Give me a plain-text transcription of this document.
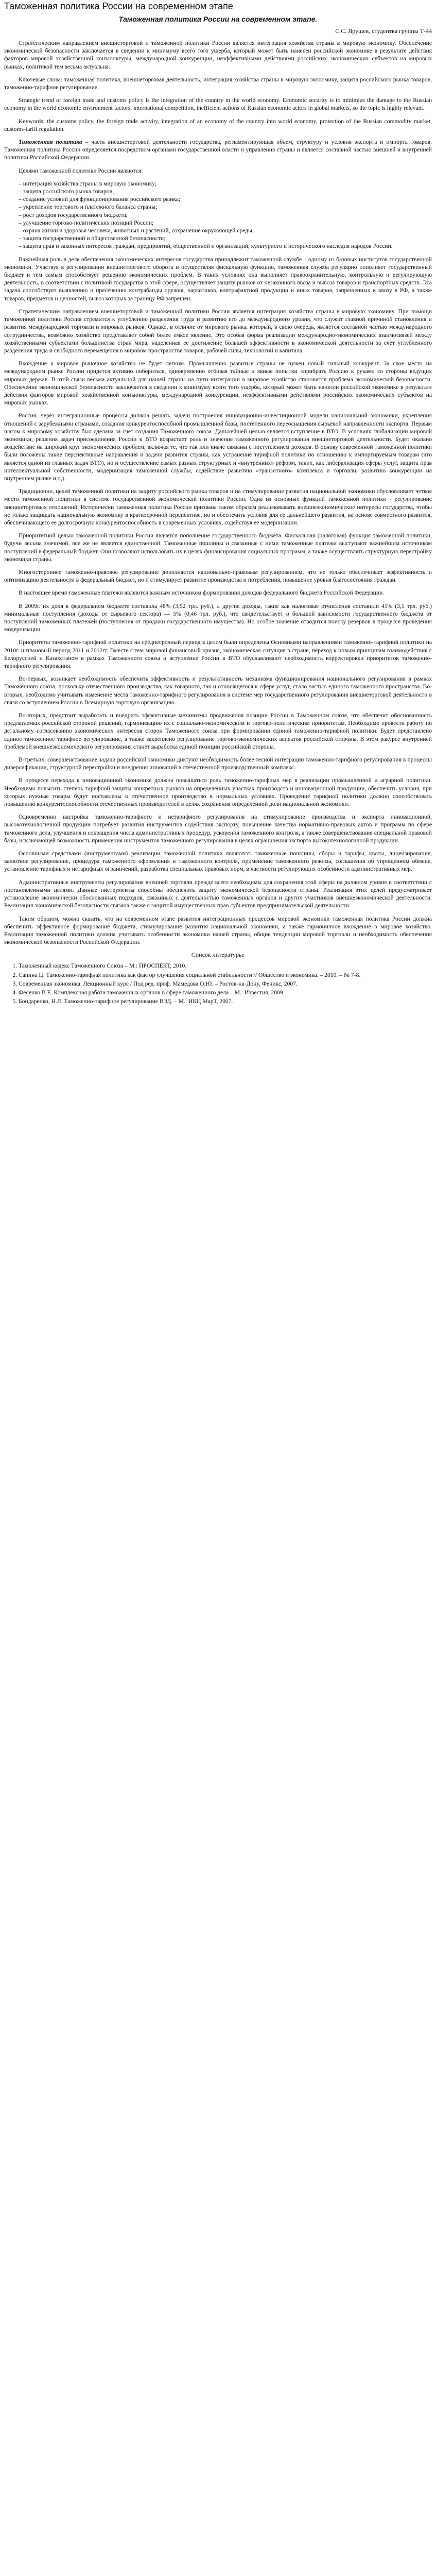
Таможенная политика России на современном этапе
Таможенная политика России на современном этапе.
С.С. Ярушев, студентка группы Т-44

Стратегическим направлением внешнеторговой и таможенной политики России является интеграция хозяйства страны в мировую экономику. Обеспечение экономической безопасности заключается в сведении к минимуму всего того ущерба, который может быть нанесен российской экономике в результате действия факторов мировой хозяйственной конъюнктуры, международной конкуренции, неэффективными действиями российских экономических субъектов на мировых рынках, политикой тем весьма актуальна.

Ключевые слова: таможенная политика, внешнеторговая деятельность, интеграция хозяйства страны в мировую экономику, защита российского рынка товаров, таможенно-тарифное регулирование.

Strategic trend of foreign trade and customs policy is the integration of the country in the world economy. Economic security is to minimize the damage to the Russian economy in the world economic environment factors, international competition, inefficient actions of Russian economic actors in global markets, so the topic is highly relevant.

Keywords: the customs policy, the foreign trade activity, integration of an economy of the country into world economy, protection of the Russian commodity market, customs-tariff regulation.

Таможенная политика – часть внешнеторговой деятельности государства, регламентирующая объем, структуру и условия экспорта и импорта товаров. Таможенная политика России определяется посредством органами государственной власти и управления страны и является составной частью внешней и внутренней политики Российской Федерации.

Целями таможенной политики России являются:

– интеграция хозяйства страны в мировую экономику;
– защита российского рынка товаров;
– создание условий для функционирования российского рынка;
– укрепление торгового и платежного баланса страны;
– рост доходов государственного бюджета;
– улучшение торгово-политических позиций России;
– охрана жизни и здоровья человека, животных и растений, сохранение окружающей среды;
– защита государственной и общественной безопасности;
– защита прав и законных интересов граждан, предприятий, общественной и организаций, культурного и исторического наследия народов России.

Важнейшая роль в деле обеспечения экономических интересов государства принадлежит таможенной службе – одному из базовых институтов государственной экономики. Участвуя в регулировании внешнеторгового оборота и осуществляя фискальную функцию, таможенная служба регулярно пополняет государственный бюджет и тем самым способствует решению экономических проблем. В таких условиях она выполняет правоохранительную, контрольную и регулирующую деятельность, в соответствии с политикой государства в этой сфере, осуществляет защиту рынков от незаконного ввоза и вывоза товаров и транспортных средств. Эта задача способствует выявлению и пресечению контрабанды оружия, наркотиков, контрафактной продукции и иных товаров, запрещенных к ввозу в РФ, а также товаров, предметов и ценностей, вывоз которых за границу РФ запрещен.

Стратегическим направлением внешнеторговой и таможенной политики России является интеграция хозяйства страны в мировую экономику. При помощи таможенной политики Россия стремится к углублению разделения труда и развитию его до международного уровня, что служит главной причиной становления и развития международной торговли и мировых рынков. Однако, в отличие от мирового рынка, который, в свою очередь, является составной частью международного сотрудничества, возможно хозяйство представляет собой более емкое явление. Это особая форма реализации международно-экономических взаимосвязей между хозяйственными субъектами большинства стран мира, наделенная ее достижение большей эффективности в экономической деятельности за счет углубленного разделения труда и свободного перемещения в мировом пространстве товаров, рабочей силы, технологий и капитала.

Вхождение в мировое рыночное хозяйство не будет легким. Промышленно развитые страны не нужен новый сильный конкурент. За свое место на международном рынке России придется активно побороться, одновременно отбивая тайные и явные попытки «прибрать Россию к рукам» со стороны ведущих мировых держав. В этой связи весьма актуальной для нашей страны на пути интеграции в мировое хозяйство становится проблема экономической безопасности. Обеспечение экономической безопасности заключается в сведении к минимуму всего того ущерба, который может быть нанесен российской экономике в результате действия факторов мировой хозяйственной конъюнктуры, международной конкуренции, неэффективными действиями российских экономических субъектов на мировых рынках.

Россия, через интеграционные процессы должна решать задачи построения инновационно-инвестиционной модели национальной экономики, укрепления отношений с зарубежными странами, создания конкурентоспособной промышленной базы, постепенного переоснащения сырьевой направленности экспорта. Первым шагом к мировому хозяйству был сделана за счет создания Таможенного союза. Дальнейшей целью является вступление в ВТО. В условиях глобализации мировой экономики, решения задач присоединения России к ВТО возрастает роль и значение таможенного регулирования внешнеторговой деятельности. Будет оказано воздействие на широкий круг экономических проблем, включая те, что так или иначе связаны с поступлением доходов. В основу современной таможенной политики были положены такие перспективные направления и задачи развития страны, как устранение тарифной политики по отношению к импортируемым товарам (что является одной из главных задач ВТО), но и осуществление самых разных структурных и «внутренних» реформ, таких, как либерализация сферы услуг, защита прав интеллектуальной собственности, модернизация таможенной службы, содействие развитию «транзитного» комплекса и торговли, развитию конкуренции на внутреннем рынке и т.д.

Традиционно, целей таможенной политики на защиту российского рынка товаров и на стимулирование развития национальной экономики обусловливает четкое место таможенной политики в системе государственной экономической политики России. Одна из основных функций таможенной политики - регулирование внешнеторговых отношений. Исторически таможенная политика России призвана таким образом реализовывать внешнеэкономические интересы государства, чтобы не только защищать национальную экономику в краткосрочной перспективе, но и обеспечить условия для ее дальнейшего развития, на основе совместного развития, обеспечивающего ее долгосрочную конкурентоспособность в современных условиях, содействуя ее модернизации.

Приоритетной целью таможенной политики России является пополнение государственного бюджета. Фискальная (налоговая) функция таможенной политики, будучи весьма значимой, все же не является единственной. Таможенные пошлины и связанные с ними таможенные платежи выступают важнейшим источником поступлений в федеральный бюджет. Они позволяют использовать их в целях финансирования социальных программ, а также осуществлять структурную перестройку экономики страны.

Многостороннее таможенно-правовое регулирование дополняется национально-правовым регулированием, что не только обеспечивает эффективность и оптимизацию деятельности в федеральный бюджет, но и стимулирует развитие производства и потребления, повышение уровня благосостояния граждан.

В настоящее время таможенные платежи являются важным источником формирования доходов федерального бюджета Российской Федерации.

В 2009г. их доля в федеральном бюджете составила 48% (3,52 трл. руб.), а другие доходы, такие как налоговые отчисления составили 41% (3,1 трл. руб.) минимальные поступления (доходы от сырьевого сектора) — 5% (0,46 трл. руб.), что свидетельствует о большой зависимости государственного бюджета от поступлений таможенных платежей (поступления от продажи государственного имущества). Но особое значение отводится поиску резервов в процессе проведения модернизации.

Приоритеты таможенно-тарифной политики на среднесрочный период в целом были определены Основными направлениями таможенно-тарифной политики на 2010г. и плановый период 2011 и 2012гг. Вместе с тем мировой финансовый кризис, экономическая ситуация в стране, переход к новым принципам взаимодействия с Белоруссией и Казахстаном в рамках Таможенного союза и вступление России в ВТО обуславливают необходимость корректировки приоритетов таможенно-тарифного регулирования.

Во-первых, возникает необходимость обеспечить эффективность и результативность механизма функционирования национального регулирования в рамках Таможенного союза, поскольку отечественного производства, как товарного, так и относящегося к сфере услуг, стало частью единого таможенного пространства. Во-вторых, необходимо учитывать изменение места таможенно-тарифного регулирования в системе мер государственного регулирования внешнеторговой деятельности в связи со вступлением России в Всемирную торговую организацию.

Во-вторых, предстоит выработать и внедрить эффективные механизмы продвижения позиции России в Таможенном союзе, что обеспечит обоснованность предлагаемых российской стороной решений, гармонизацию их с социально-экономическим и торгово-политическим приоритетам. Необходимо провести работу по детальному согласованию экономических интересов сторон Таможенного союза при формировании единой таможенно-тарифной политики. Будет представлено единое таможенное тарифное регулирование, а также закреплено регулирование торгово-экономических аспектов российской стороны. В этом ракурсе внутренней проблемой внешнеэкономического регулирования станет выработка единой позиции российской стороны.

В-третьих, совершенствование задачи российской экономики диктуют необходимость более тесной интеграции таможенно-тарифного регулирования в процессы диверсификации, структурной перестройки и внедрения инноваций в отечественной производственный комплекс.

В процессе перехода к инновационной экономике должна повышаться роль таможенно-тарифных мер в реализации промышленной и аграрной политики. Необходимо повысить степень тарифной защиты конкретных рынков на определенных участках производств и инновационной продукции, обеспечить условия, при которых нужные товары будут поставлены в отечественное производство в нормальных условиях. Проведение тарифной политики должно способствовать повышению конкурентоспособности отечественных производителей в целях сохранения определенной доли национальной экономики.

Одновременно настройка таможенно-тарифного и нетарифного регулирования на стимулирование производства и экспорта инновационной, высокотехнологичной продукции потребует развития инструментов содействия экспорту, повышение качества нормативно-правовых актов и программ по сфере таможенного дела, улучшения и сокращения числа административных процедур, ускорения таможенного контроля, а также совершенствования специальной правовой базы, исключающей возможность применения инструментов таможенного регулирования в целях ограничения экспорта высокотехнологичной продукции.

Основными средствами (инструментами) реализации таможенной политики являются: таможенные пошлины, сборы и тарифы, квоты, лицензирование, валютное регулирование, процедура таможенного оформления и таможенного контроля, применение таможенного режима, соглашения об упрощенном обмене, установление тарифных и нетарифных ограничений, разработка специальных правовых норм, в частности регулирующих особенности административных мер.

Административные инструменты регулирования внешней торговли прежде всего необходимы для сохранения этой сферы на должном уровне в соответствии с постановленными целями. Данные инструменты способны обеспечить защиту экономической безопасности страны. Реализация этих целей предусматривает установление экономически обоснованных подходов, связанных с деятельностью таможенных органов и других участников внешнеэкономической деятельности. Реализация экономической безопасности связана также с защитой имущественных прав субъектов предпринимательской деятельности.

Таким образом, можно сказать, что на современном этапе развития интеграционных процессов мировой экономики таможенная политика России должна обеспечить эффективное формирование бюджета, стимулирование развития национальной экономики, а также гармоничное вхождение в мировое хозяйство. Реализация таможенной политики должна учитывать особенности экономики нашей страны, общие тенденции мировой торговли и необходимость обеспечения экономической безопасности Российской Федерации.

Список литературы:
1. Таможенный кодекс Таможенного Союза – М.: ПРОСПЕКТ, 2010.
2. Сапина Ц. Таможенно-тарифная политика как фактор улучшения социальной стабильности // Общество и экономика. – 2010. – № 7-8.
3. Современная экономика. Лекционный курс / Под ред. проф. Мамедова О.Ю. – Ростов-на-Дону, Феникс, 2007.
4. Фесенко В.Е. Комплексная работа таможенных органов в сфере таможенного дела – М.: Известия, 2009.
5. Бондаренко, Н.Л. Таможенно-тарифное регулирование ВЭД. – М.: ИКЦ МарТ, 2007.
